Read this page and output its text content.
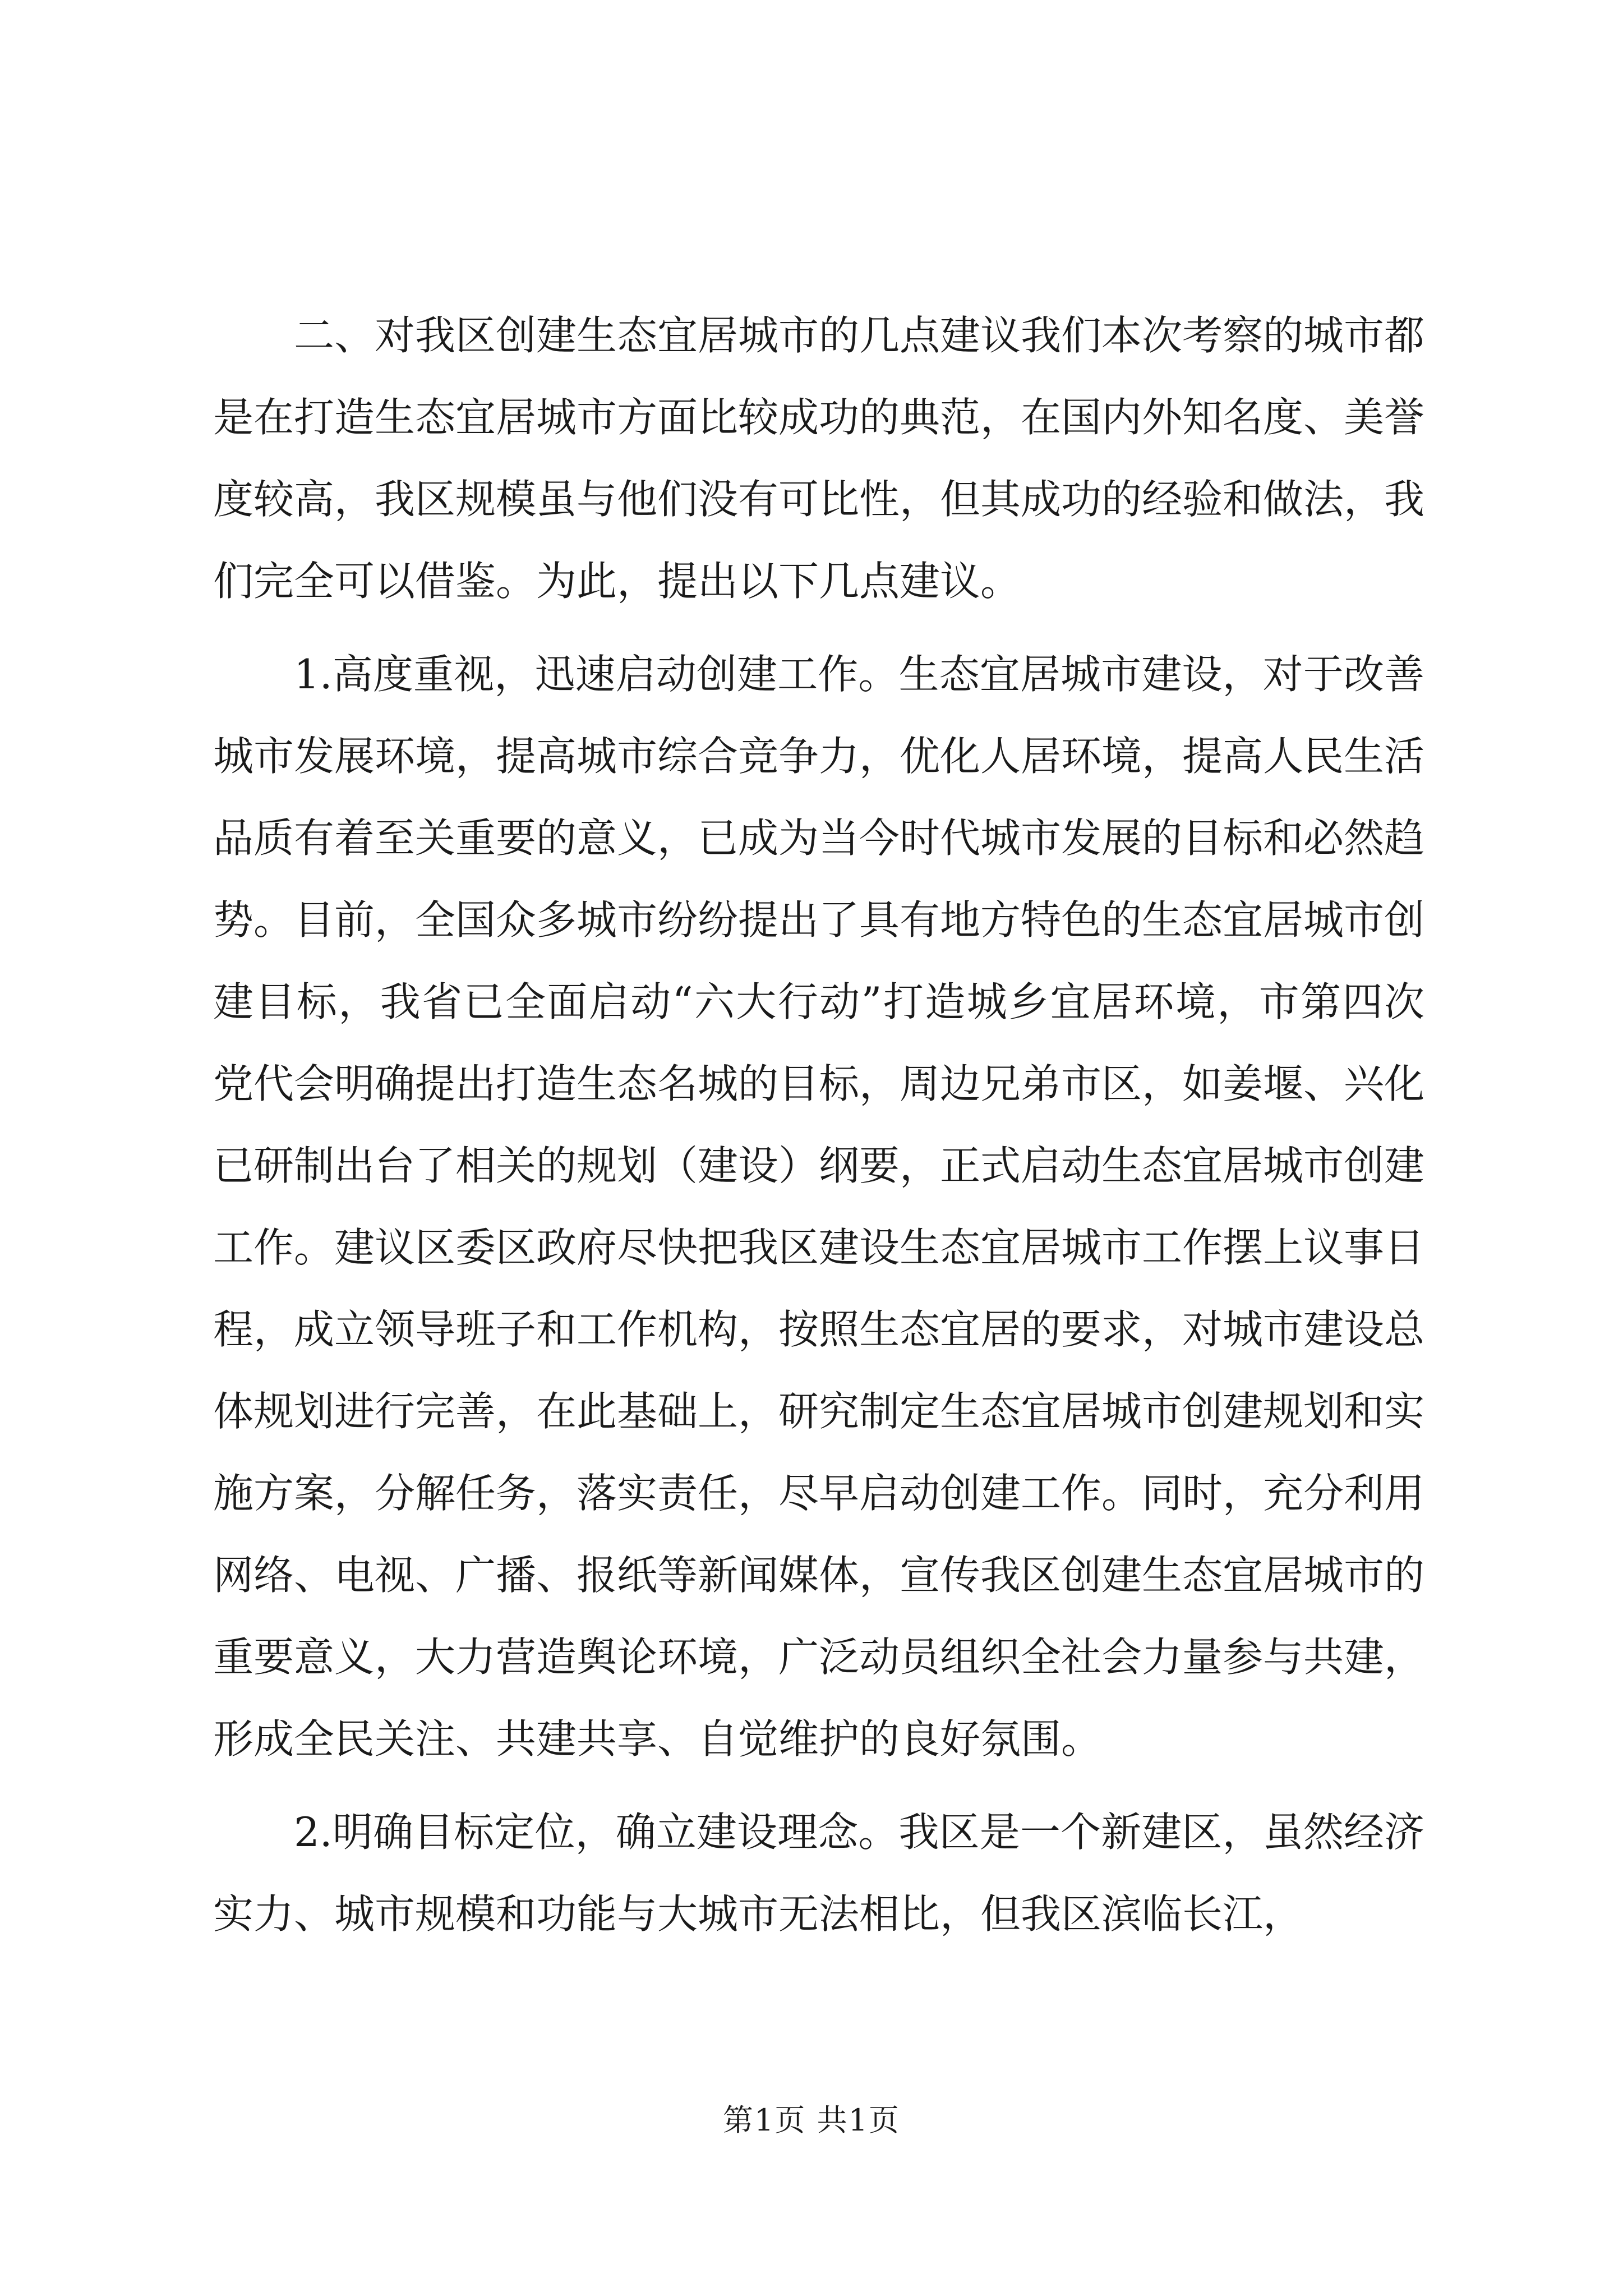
二、对我区创建生态宜居城市的几点建议我们本次考察的城市都是在打造生态宜居城市方面比较成功的典范，在国内外知名度、美誉度较高，我区规模虽与他们没有可比性，但其成功的经验和做法，我们完全可以借鉴。为此，提出以下几点建议。

1.高度重视，迅速启动创建工作。生态宜居城市建设，对于改善城市发展环境，提高城市综合竞争力，优化人居环境，提高人民生活品质有着至关重要的意义，已成为当今时代城市发展的目标和必然趋势。目前，全国众多城市纷纷提出了具有地方特色的生态宜居城市创建目标，我省已全面启动“六大行动”打造城乡宜居环境，市第四次党代会明确提出打造生态名城的目标，周边兄弟市区，如姜堰、兴化已研制出台了相关的规划（建设）纲要，正式启动生态宜居城市创建工作。建议区委区政府尽快把我区建设生态宜居城市工作摆上议事日程，成立领导班子和工作机构，按照生态宜居的要求，对城市建设总体规划进行完善，在此基础上，研究制定生态宜居城市创建规划和实施方案，分解任务，落实责任，尽早启动创建工作。同时，充分利用网络、电视、广播、报纸等新闻媒体，宣传我区创建生态宜居城市的重要意义，大力营造舆论环境，广泛动员组织全社会力量参与共建，形成全民关注、共建共享、自觉维护的良好氛围。

2.明确目标定位，确立建设理念。我区是一个新建区，虽然经济实力、城市规模和功能与大城市无法相比，但我区滨临长江，

第1页 共1页
